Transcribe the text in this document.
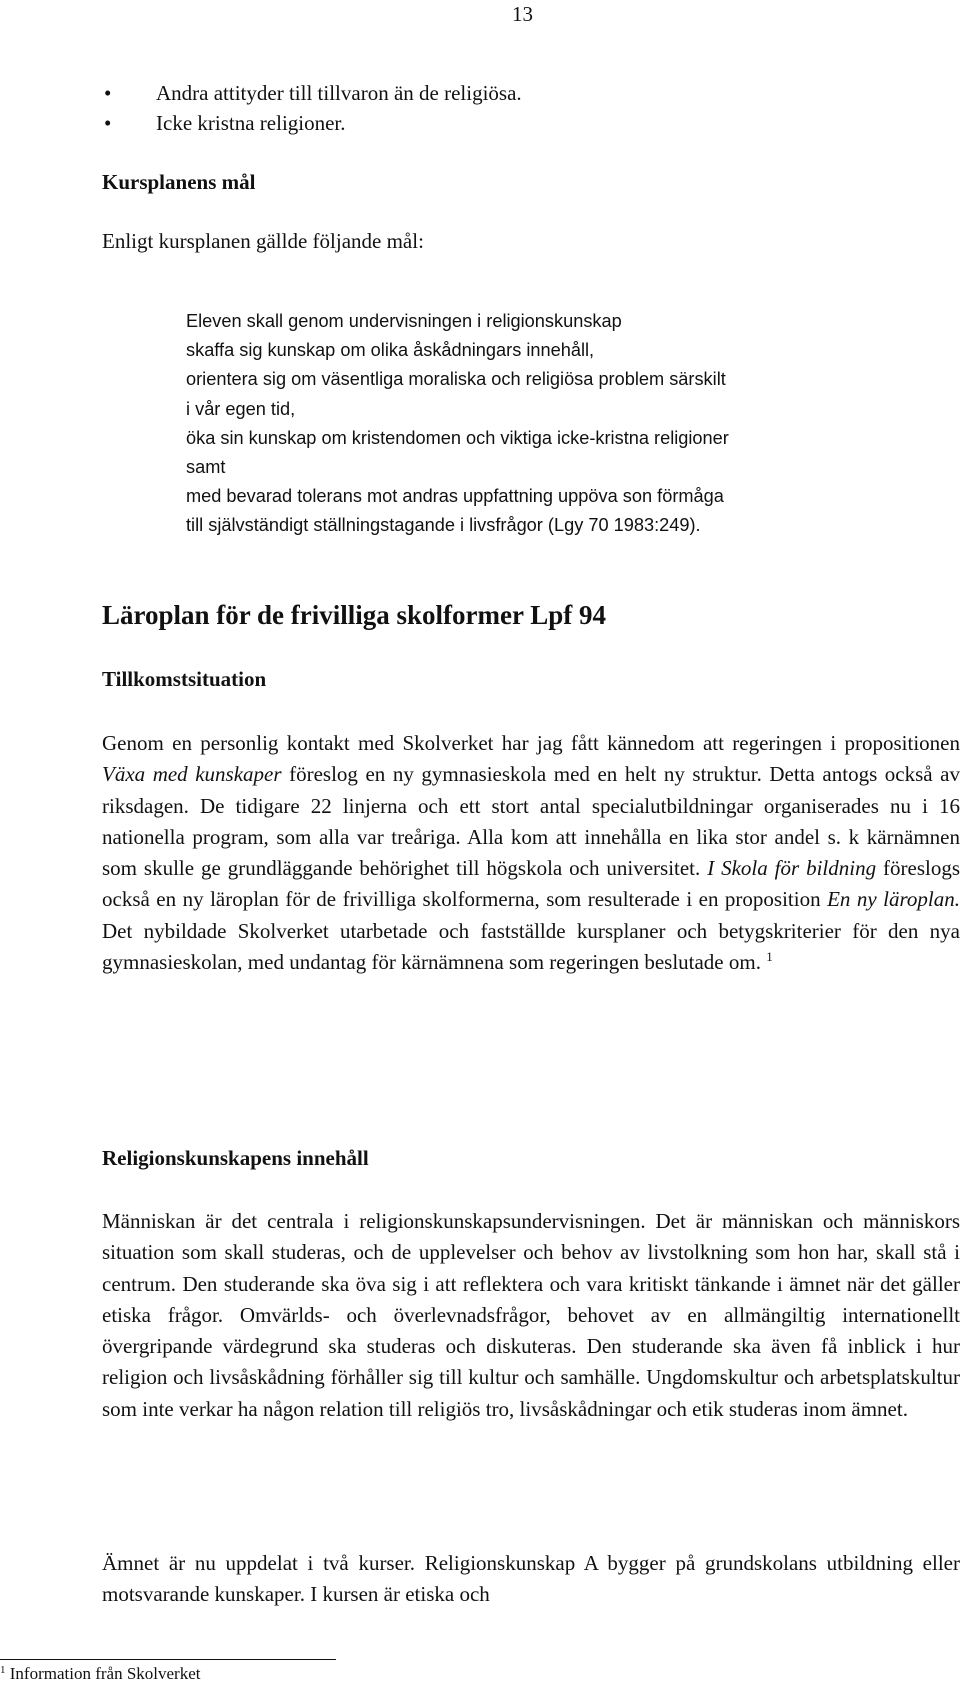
13
• Andra attityder till tillvaron än de religiösa.
• Icke kristna religioner.
Kursplanens mål
Enligt kursplanen gällde följande mål:
Eleven skall genom undervisningen i religionskunskap
skaffa sig kunskap om olika åskådningars innehåll,
orientera sig om väsentliga moraliska och religiösa problem särskilt
i vår egen tid,
öka sin kunskap om kristendomen och viktiga icke-kristna religioner
samt
med bevarad tolerans mot andras uppfattning uppöva son förmåga
till självständigt ställningstagande i livsfrågor (Lgy 70 1983:249).
Läroplan för de frivilliga skolformer Lpf 94
Tillkomstsituation
Genom en personlig kontakt med Skolverket har jag fått kännedom att regeringen i propositionen Växa med kunskaper föreslog en ny gymnasieskola med en helt ny struktur. Detta antogs också av riksdagen. De tidigare 22 linjerna och ett stort antal specialutbildningar organiserades nu i 16 nationella program, som alla var treåriga. Alla kom att innehålla en lika stor andel s. k kärnämnen som skulle ge grundläggande behörighet till högskola och universitet. I Skola för bildning föreslogs också en ny läroplan för de frivilliga skolformerna, som resulterade i en proposition En ny läroplan. Det nybildade Skolverket utarbetade och fastställde kursplaner och betygskriterier för den nya gymnasieskolan, med undantag för kärnämnena som regeringen beslutade om. $^1$
Religionskunskapens innehåll
Människan är det centrala i religionskunskapsundervisningen. Det är människan och människors situation som skall studeras, och de upplevelser och behov av livstolkning som hon har, skall stå i centrum. Den studerande ska öva sig i att reflektera och vara kritiskt tänkande i ämnet när det gäller etiska frågor. Omvärlds- och överlevnadsfrågor, behovet av en allmängiltig internationellt övergripande värdegrund ska studeras och diskuteras. Den studerande ska även få inblick i hur religion och livsåskådning förhåller sig till kultur och samhälle. Ungdomskultur och arbetsplatskultur som inte verkar ha någon relation till religiös tro, livsåskådningar och etik studeras inom ämnet.
Ämnet är nu uppdelat i två kurser. Religionskunskap A bygger på grundskolans utbildning eller motsvarande kunskaper. I kursen är etiska och
$^1$ Information från Skolverket
